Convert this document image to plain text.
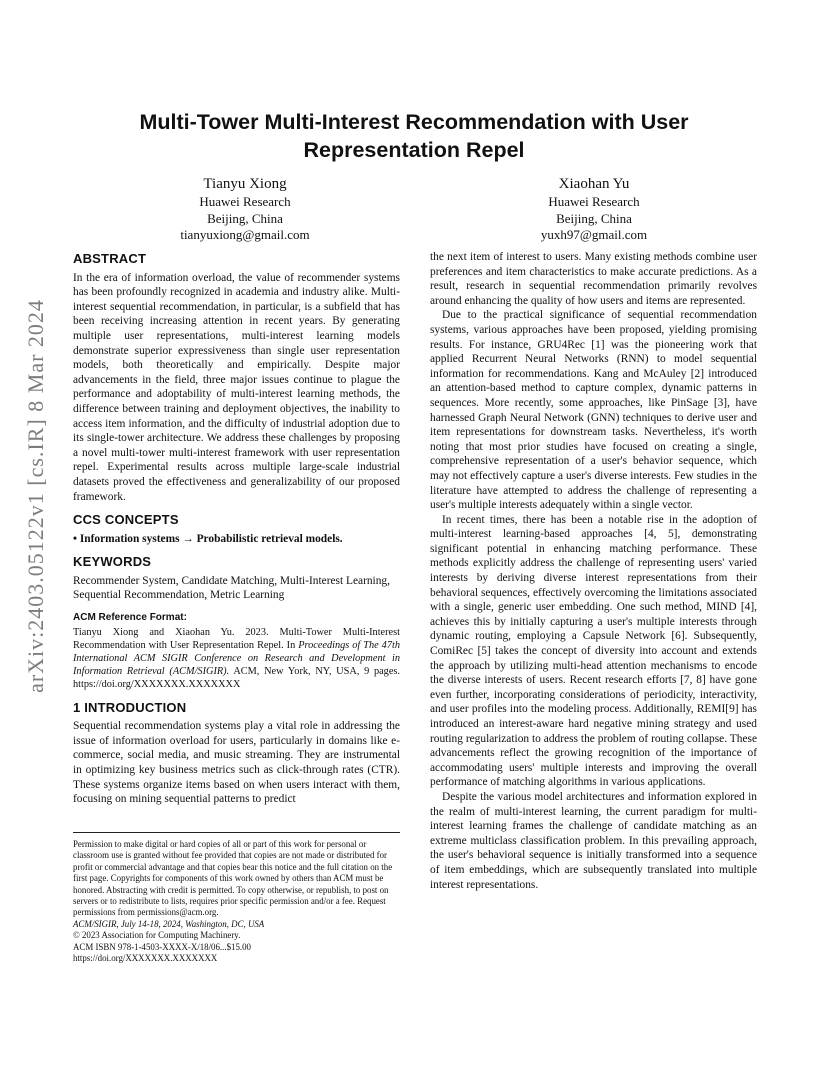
arXiv:2403.05122v1 [cs.IR] 8 Mar 2024
Multi-Tower Multi-Interest Recommendation with User Representation Repel
Tianyu Xiong
Huawei Research
Beijing, China
tianyuxiong@gmail.com
Xiaohan Yu
Huawei Research
Beijing, China
yuxh97@gmail.com
ABSTRACT

In the era of information overload, the value of recommender systems has been profoundly recognized in academia and industry alike. Multi-interest sequential recommendation, in particular, is a subfield that has been receiving increasing attention in recent years. By generating multiple user representations, multi-interest learning models demonstrate superior expressiveness than single user representation models, both theoretically and empirically. Despite major advancements in the field, three major issues continue to plague the performance and adoptability of multi-interest learning methods, the difference between training and deployment objectives, the inability to access item information, and the difficulty of industrial adoption due to its single-tower architecture. We address these challenges by proposing a novel multi-tower multi-interest framework with user representation repel. Experimental results across multiple large-scale industrial datasets proved the effectiveness and generalizability of our proposed framework.

CCS CONCEPTS

• Information systems → Probabilistic retrieval models.

KEYWORDS

Recommender System, Candidate Matching, Multi-Interest Learning, Sequential Recommendation, Metric Learning

ACM Reference Format:

Tianyu Xiong and Xiaohan Yu. 2023. Multi-Tower Multi-Interest Recommendation with User Representation Repel. In Proceedings of The 47th International ACM SIGIR Conference on Research and Development in Information Retrieval (ACM/SIGIR). ACM, New York, NY, USA, 9 pages. https://doi.org/XXXXXXX.XXXXXXX

1 INTRODUCTION

Sequential recommendation systems play a vital role in addressing the issue of information overload for users, particularly in domains like e-commerce, social media, and music streaming. They are instrumental in optimizing key business metrics such as click-through rates (CTR). These systems organize items based on when users interact with them, focusing on mining sequential patterns to predict

Permission to make digital or hard copies of all or part of this work for personal or classroom use is granted without fee provided that copies are not made or distributed for profit or commercial advantage and that copies bear this notice and the full citation on the first page. Copyrights for components of this work owned by others than ACM must be honored. Abstracting with credit is permitted. To copy otherwise, or republish, to post on servers or to redistribute to lists, requires prior specific permission and/or a fee. Request permissions from permissions@acm.org.
ACM/SIGIR, July 14-18, 2024, Washington, DC, USA
© 2023 Association for Computing Machinery.
ACM ISBN 978-1-4503-XXXX-X/18/06...$15.00
https://doi.org/XXXXXXX.XXXXXXX

the next item of interest to users. Many existing methods combine user preferences and item characteristics to make accurate predictions. As a result, research in sequential recommendation primarily revolves around enhancing the quality of how users and items are represented.

Due to the practical significance of sequential recommendation systems, various approaches have been proposed, yielding promising results. For instance, GRU4Rec [1] was the pioneering work that applied Recurrent Neural Networks (RNN) to model sequential information for recommendations. Kang and McAuley [2] introduced an attention-based method to capture complex, dynamic patterns in sequences. More recently, some approaches, like PinSage [3], have harnessed Graph Neural Network (GNN) techniques to derive user and item representations for downstream tasks. Nevertheless, it's worth noting that most prior studies have focused on creating a single, comprehensive representation of a user's behavior sequence, which may not effectively capture a user's diverse interests. Few studies in the literature have attempted to address the challenge of representing a user's multiple interests adequately within a single vector.

In recent times, there has been a notable rise in the adoption of multi-interest learning-based approaches [4, 5], demonstrating significant potential in enhancing matching performance. These methods explicitly address the challenge of representing users' varied interests by deriving diverse interest representations from their behavioral sequences, effectively overcoming the limitations associated with a single, generic user embedding. One such method, MIND [4], achieves this by initially capturing a user's multiple interests through dynamic routing, employing a Capsule Network [6]. Subsequently, ComiRec [5] takes the concept of diversity into account and extends the approach by utilizing multi-head attention mechanisms to encode the diverse interests of users. Recent research efforts [7, 8] have gone even further, incorporating considerations of periodicity, interactivity, and user profiles into the modeling process. Additionally, REMI[9] has introduced an interest-aware hard negative mining strategy and used routing regularization to address the problem of routing collapse. These advancements reflect the growing recognition of the importance of accommodating users' multiple interests and improving the overall performance of matching algorithms in various applications.

Despite the various model architectures and information explored in the realm of multi-interest learning, the current paradigm for multi-interest learning frames the challenge of candidate matching as an extreme multiclass classification problem. In this prevailing approach, the user's behavioral sequence is initially transformed into a sequence of item embeddings, which are subsequently translated into multiple interest representations.
